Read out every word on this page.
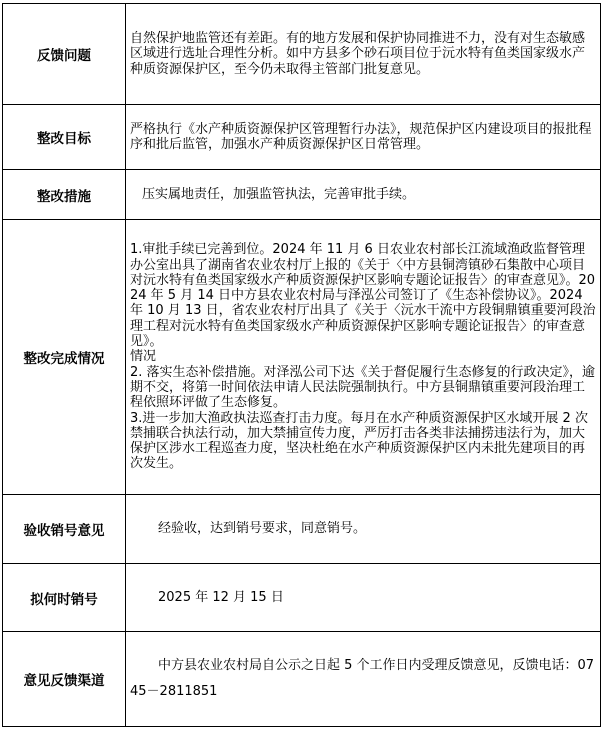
反馈问题	自然保护地监管还有差距。有的地方发展和保护协同推进不力，没有对生态敏感区域进行选址合理性分析。如中方县多个砂石项目位于沅水特有鱼类国家级水产种质资源保护区，至今仍未取得主管部门批复意见。
整改目标	严格执行《水产种质资源保护区管理暂行办法》，规范保护区内建设项目的报批程序和批后监管，加强水产种质资源保护区日常管理。
整改措施	压实属地责任，加强监管执法，完善审批手续。

整改完成情况	1.审批手续已完善到位。2024 年 11 月 6 日农业农村部长江流域渔政监督管理办公室出具了湖南省农业农村厅上报的《关于〈中方县铜湾镇砂石集散中心项目对沅水特有鱼类国家级水产种质资源保护区影响专题论证报告〉的审查意见》。2024 年 5 月 14 日中方县农业农村局与泽泓公司签订了《生态补偿协议》。2024 年 10 月 13 日，省农业农村厅出具了《关于〈沅水干流中方段铜鼎镇重要河段治理工程对沅水特有鱼类国家级水产种质资源保护区影响专题论证报告〉的审查意见》。
情况
2. 落实生态补偿措施。对泽泓公司下达《关于督促履行生态修复的行政决定》，逾期不交，将第一时间依法申请人民法院强制执行。中方县铜鼎镇重要河段治理工程依照环评做了生态修复。
3.进一步加大渔政执法巡查打击力度。每月在水产种质资源保护区水域开展 2 次禁捕联合执法行动，加大禁捕宣传力度，严厉打击各类非法捕捞违法行为，加大保护区涉水工程巡查力度，坚决杜绝在水产种质资源保护区内未批先建项目的再次发生。

验收销号意见	经验收，达到销号要求，同意销号。

拟何时销号	2025 年 12 月 15 日

意见反馈渠道	中方县农业农村局自公示之日起 5 个工作日内受理反馈意见，反馈电话：0745－2811851
